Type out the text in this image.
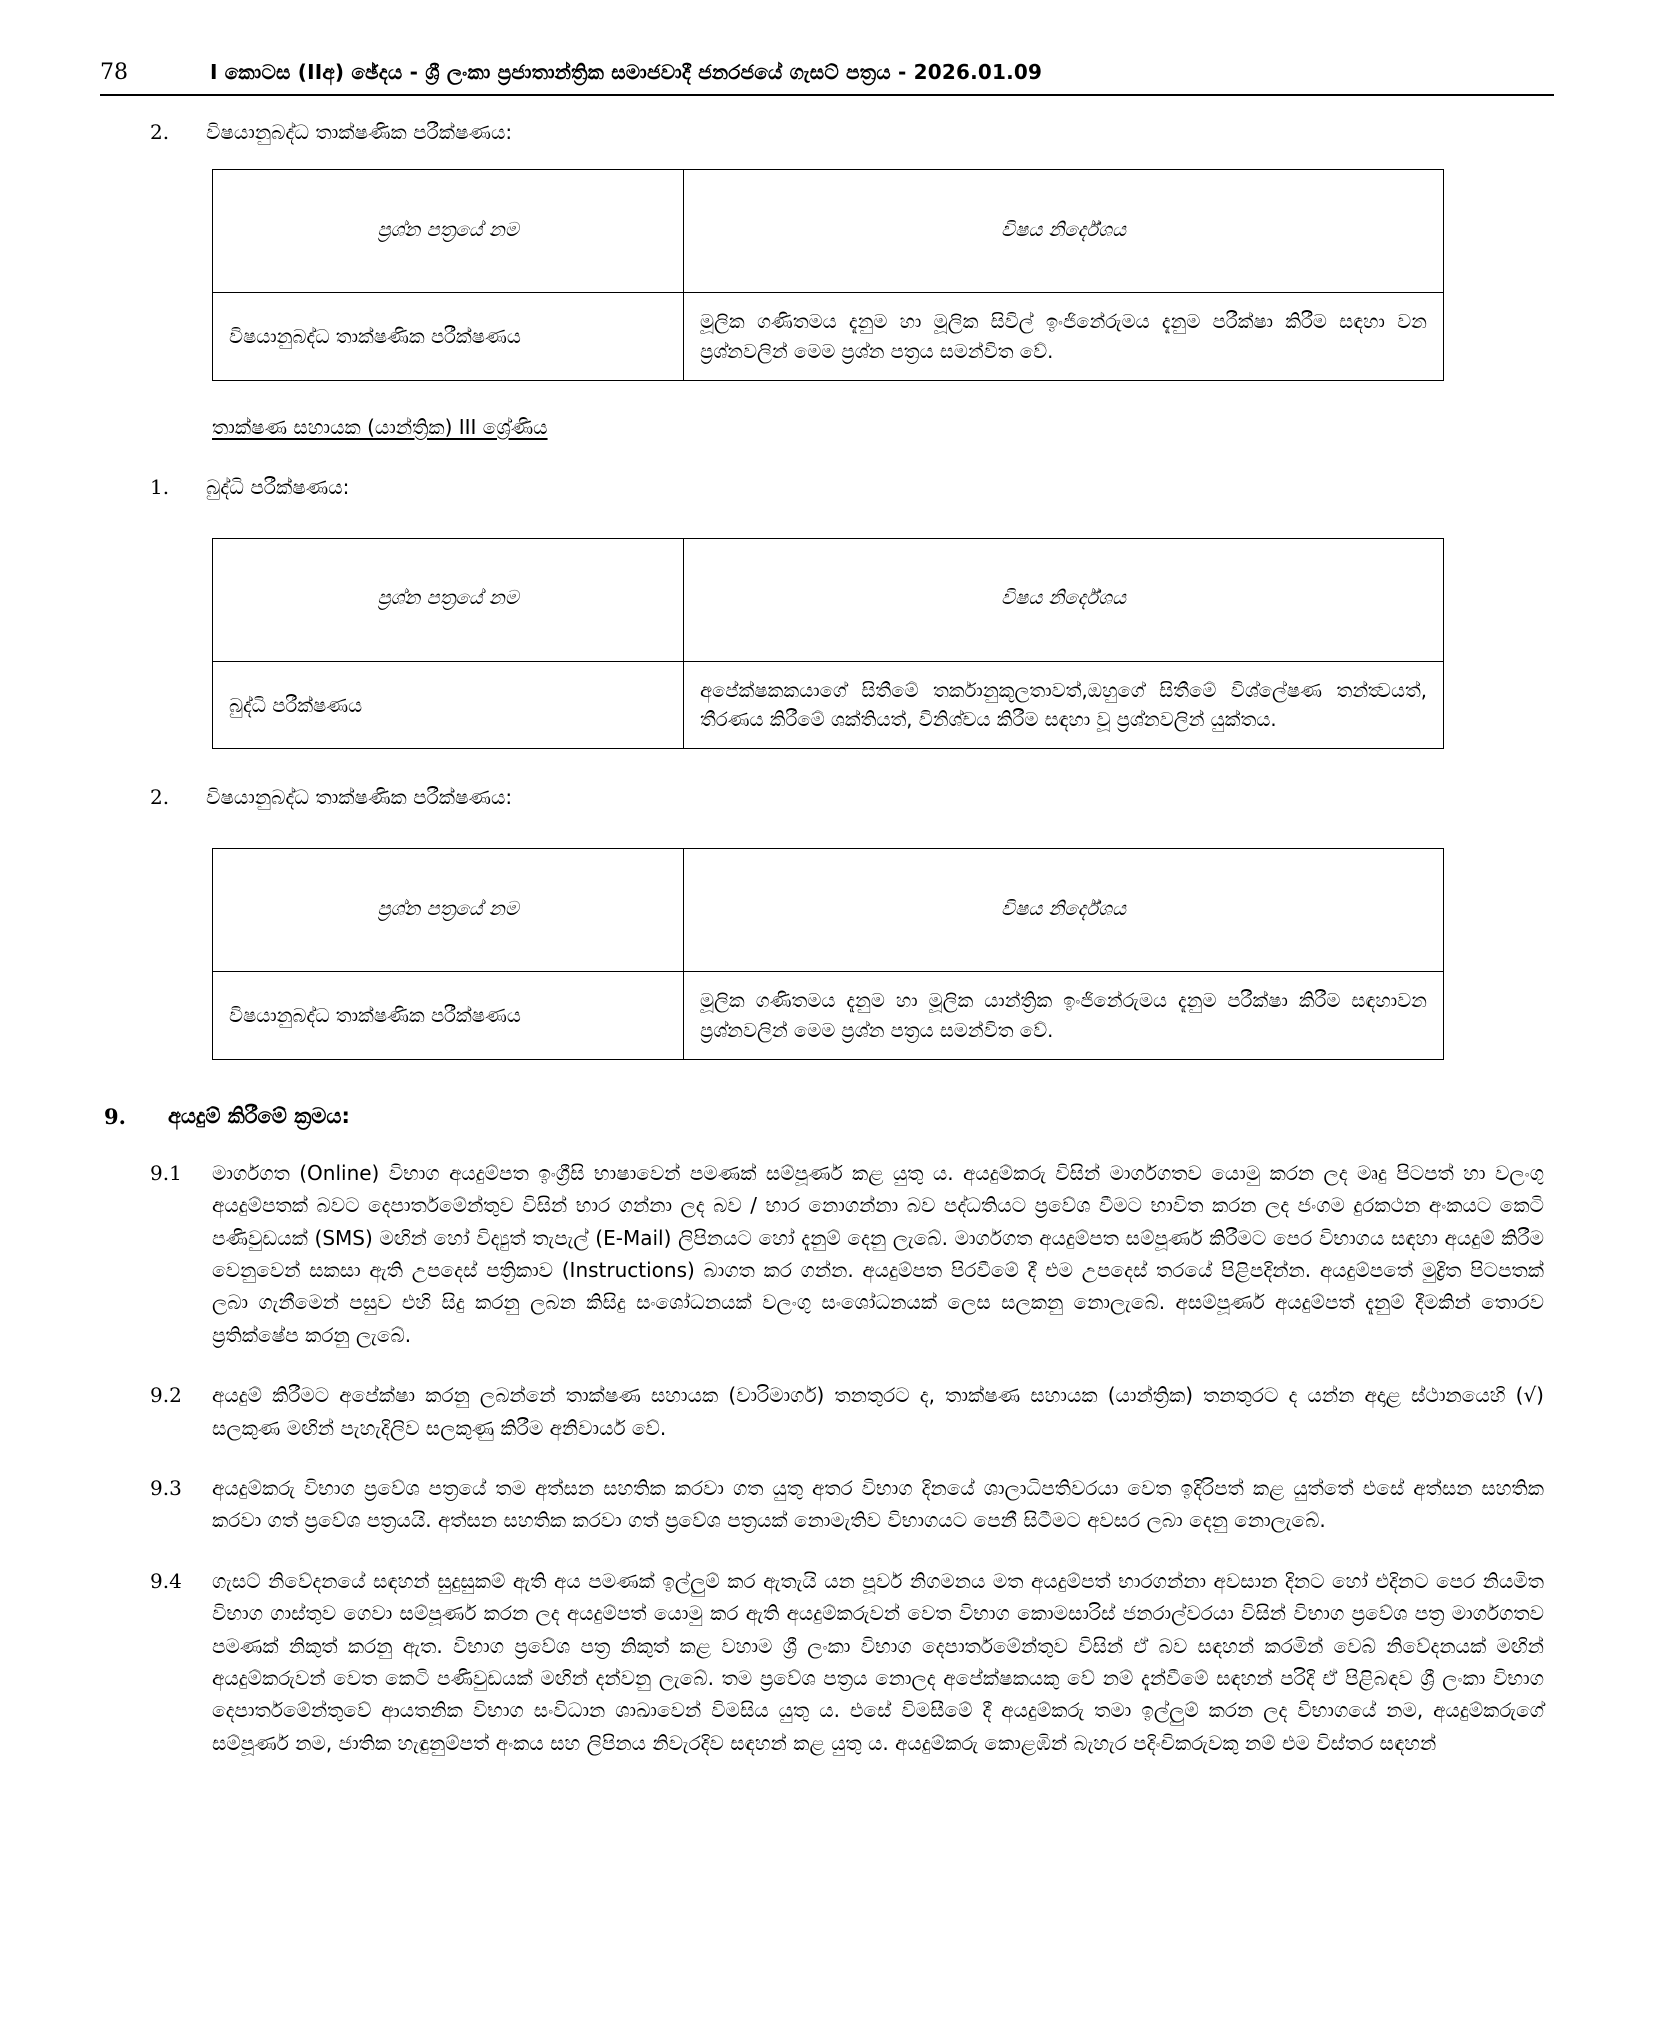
78	I කොටස (IIඅ) ඡේදය - ශ්‍රී ලංකා ප්‍රජාතාන්ත්‍රික සමාජවාදී ජනරජයේ ගැසට් පත්‍රය - 2026.01.09
2.	විෂයානුබද්ධ තාක්ෂණික පරීක්ෂණය:
ප්‍රශ්න පත්‍රයේ නම	විෂය නිර්දේශය
විෂයානුබද්ධ තාක්ෂණික පරීක්ෂණය	මූලික ගණිතමය දැනුම හා මූලික සිවිල් ඉංජිනේරුමය දැනුම පරීක්ෂා කිරීම සඳහා වන ප්‍රශ්නවලින් මෙම ප්‍රශ්න පත්‍රය සමන්විත වේ.
තාක්ෂණ සහායක (යාන්ත්‍රික) III ශ්‍රේණිය
1.	බුද්ධි පරීක්ෂණය:
ප්‍රශ්න පත්‍රයේ නම	විෂය නිර්දේශය
බුද්ධි පරීක්ෂණය	අපේක්ෂකකයාගේ සිතීමේ තර්කානුකූලතාවත්,ඔහුගේ සිතීමේ විශ්ලේෂණ තන්ත්‍වයත්, තීරණය කිරීමේ ශක්තියත්, විනිශ්චය කිරීම සඳහා වූ ප්‍රශ්නවලින් යුක්තය.
2.	විෂයානුබද්ධ තාක්ෂණික පරීක්ෂණය:
ප්‍රශ්න පත්‍රයේ නම	විෂය නිර්දේශය
විෂයානුබද්ධ තාක්ෂණික පරීක්ෂණය	මූලික ගණිතමය දැනුම හා මූලික යාන්ත්‍රික ඉංජිනේරුමය දැනුම පරීක්ෂා කිරීම සඳහාවන ප්‍රශ්නවලින් මෙම ප්‍රශ්න පත්‍රය සමන්විත වේ.
9.	අයදුම් කිරීමේ ක්‍රමය:
9.1	මාර්ගගත (Online) විභාග අයදුම්පත ඉංග්‍රීසි භාෂාවෙන් පමණක් සම්පූර්ණ කළ යුතු ය. අයදුම්කරු විසින් මාර්ගගතව යොමු කරන ලද මෘදු පිටපත් හා වලංගු අයදුම්පතක් බවට දෙපාර්තමේන්තුව විසින් භාර ගන්නා ලද බව / භාර නොගන්නා බව පද්ධතියට ප්‍රවේශ වීමට භාවිත කරන ලද ජංගම දුරකථන අංකයට කෙටි පණිවුඩයක් (SMS) මඟින් හෝ විද්‍යුත් තැපැල් (E-Mail) ලිපිනයට හෝ දැනුම් දෙනු ලැබේ. මාර්ගගත අයදුම්පත සම්පූර්ණ කිරීමට පෙර විභාගය සඳහා අයදුම් කිරීම වෙනුවෙන් සකසා ඇති උපදෙස් පත්‍රිකාව (Instructions) බාගත කර ගන්න. අයදුම්පත පිරවීමේ දී එම උපදෙස් තරයේ පිළිපදින්න. අයදුම්පතේ මුද්‍රිත පිටපතක් ලබා ගැනීමෙන් පසුව එහි සිදු කරනු ලබන කිසිදු සංශෝධනයක් වලංගු සංශෝධනයක් ලෙස සලකනු නොලැබේ. අසම්පූර්ණ අයදුම්පත් දැනුම් දීමකින් තොරව ප්‍රතික්ෂේප කරනු ලැබේ.
9.2	අයදුම් කිරීමට අපේක්ෂා කරනු ලබන්නේ තාක්ෂණ සහායක (වාරිමාර්ග) තනතුරට ද, තාක්ෂණ සහායක (යාන්ත්‍රික) තනතුරට ද යන්න අදාළ ස්ථානයෙහි (√) සලකුණ මඟින් පැහැදිලිව සලකුණු කිරීම අනිවාර්ය වේ.
9.3	අයදුම්කරු විභාග ප්‍රවේශ පත්‍රයේ තම අත්සන සහතික කරවා ගත යුතු අතර විභාග දිනයේ ශාලාධිපතිවරයා වෙත ඉදිරිපත් කළ යුත්තේ එසේ අත්සන සහතික කරවා ගත් ප්‍රවේශ පත්‍රයයි. අත්සන සහතික කරවා ගත් ප්‍රවේශ පත්‍රයක් නොමැතිව විභාගයට පෙනී සිටීමට අවසර ලබා දෙනු නොලැබේ.
9.4	ගැසට් නිවේදනයේ සඳහන් සුදුසුකම් ඇති අය පමණක් ඉල්ලුම් කර ඇතැයි යන පූර්ව නිගමනය මත අයදුම්පත් භාරගන්නා අවසාන දිනට හෝ එදිනට පෙර නියමිත විභාග ගාස්තුව ගෙවා සම්පූර්ණ කරන ලද අයදුම්පත් යොමු කර ඇති අයදුම්කරුවන් වෙත විභාග කොමසාරිස් ජනරාල්වරයා විසින් විභාග ප්‍රවේශ පත්‍ර මාර්ගගතව පමණක් නිකුත් කරනු ඇත. විභාග ප්‍රවේශ පත්‍ර නිකුත් කළ වහාම ශ්‍රී ලංකා විභාග දෙපාර්තමේන්තුව විසින් ඒ බව සඳහන් කරමින් වෙබ් නිවේදනයක් මඟින් අයදුම්කරුවන් වෙත කෙටි පණිවුඩයක් මඟින් දන්වනු ලැබේ. තම ප්‍රවේශ පත්‍රය නොලද අපේක්ෂකයකු වේ නම් දැන්වීමේ සඳහන් පරිදි ඒ පිළිබඳව ශ්‍රී ලංකා විභාග දෙපාර්තමේන්තුවේ ආයතනික විභාග සංවිධාන ශාඛාවෙන් විමසිය යුතු ය. එසේ විමසීමේ දී අයදුම්කරු තමා ඉල්ලුම් කරන ලද විභාගයේ නම, අයදුම්කරුගේ සම්පූර්ණ නම, ජාතික හැඳුනුම්පත් අංකය සහ ලිපිනය නිවැරදිව සඳහන් කළ යුතු ය. අයදුම්කරු කොළඹින් බැහැර පදිංචිකරුවකු නම් එම විස්තර සඳහන්
